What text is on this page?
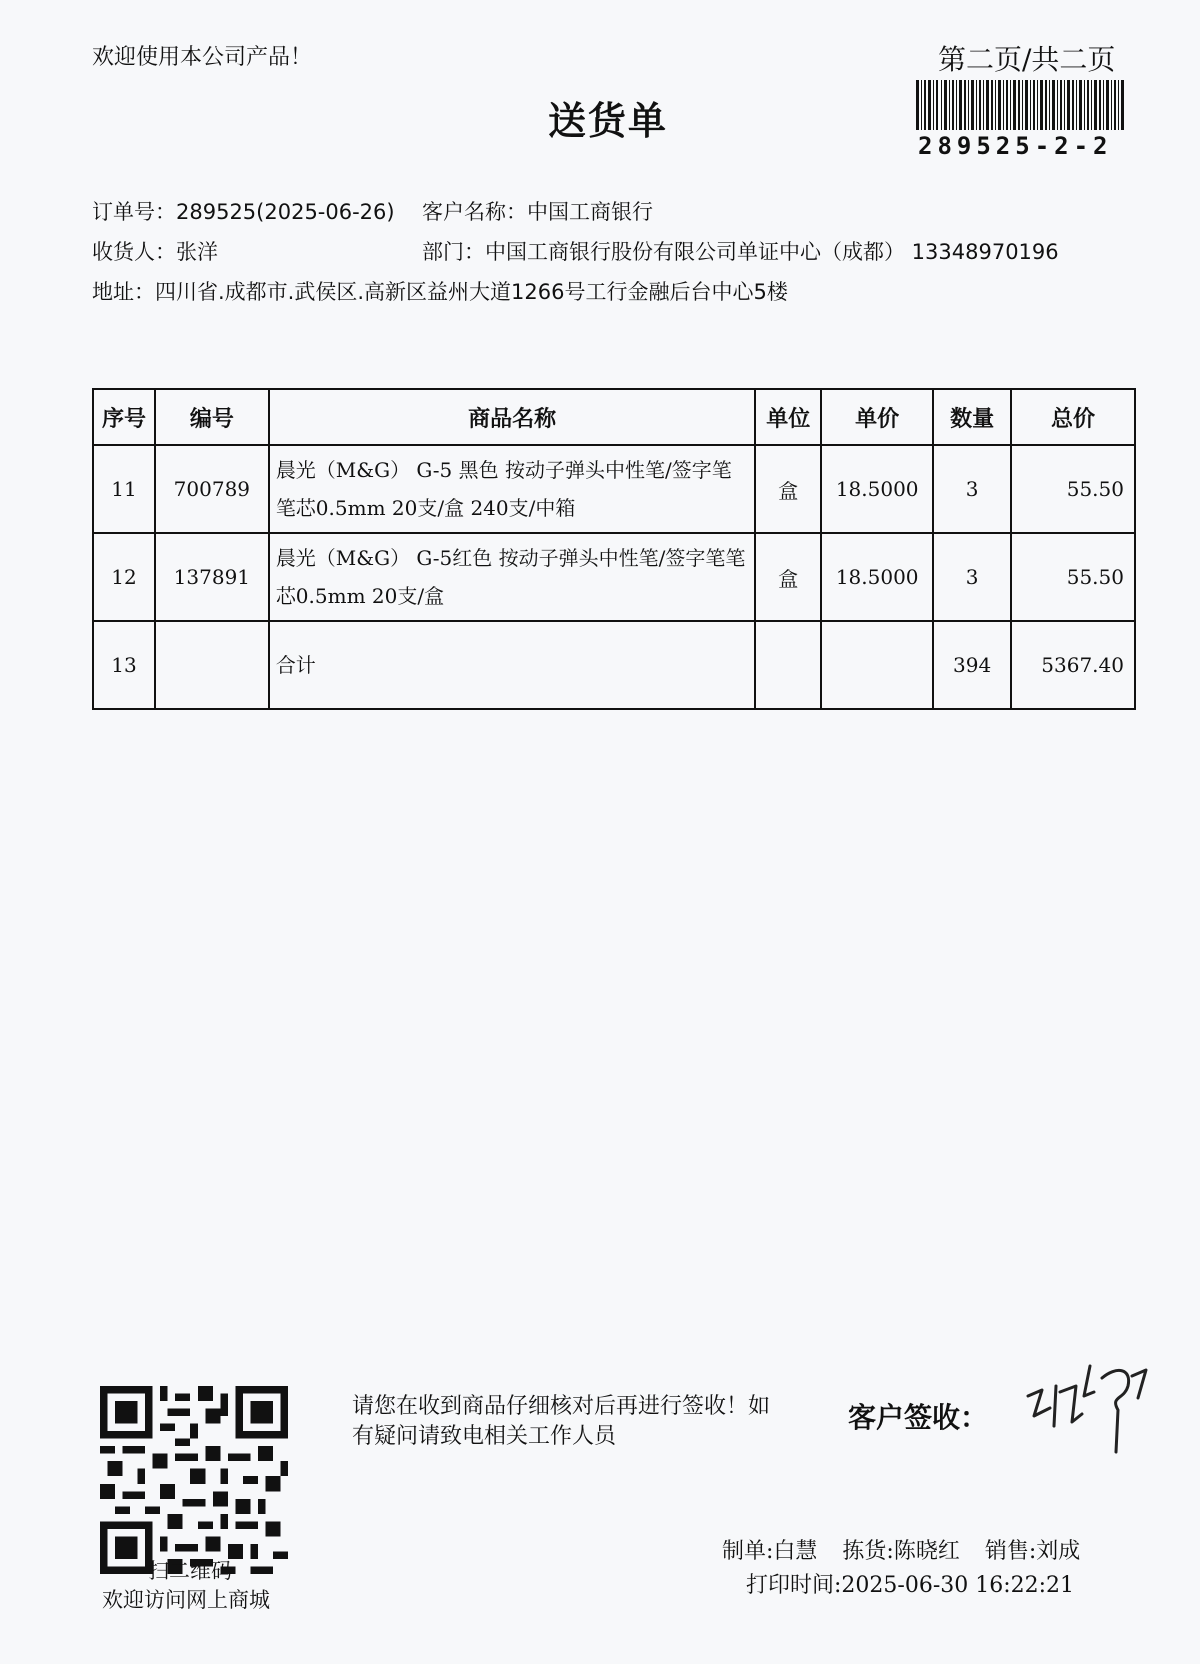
欢迎使用本公司产品！	第二页/共二页
送货单
289525-2-2
订单号：289525(2025-06-26) 客户名称：中国工商银行
收货人：张洋	部门：中国工商银行股份有限公司单证中心（成都） 13348970196
地址：四川省.成都市.武侯区.高新区益州大道1266号工行金融后台中心5楼
序号	编号	商品名称	单位	单价	数量	总价
11	700789	晨光（M&G） G-5 黑色 按动子弹头中性笔/签字笔笔芯0.5mm 20支/盒 240支/中箱	盒	18.5000	3	55.50
12	137891	晨光（M&G） G-5红色 按动子弹头中性笔/签字笔笔芯0.5mm 20支/盒	盒	18.5000	3	55.50
13		合计			394	5367.40
扫二维码
欢迎访问网上商城
请您在收到商品仔细核对后再进行签收！如有疑问请致电相关工作人员
客户签收：
制单:白慧 拣货:陈晓红 销售:刘成
打印时间:2025-06-30 16:22:21
